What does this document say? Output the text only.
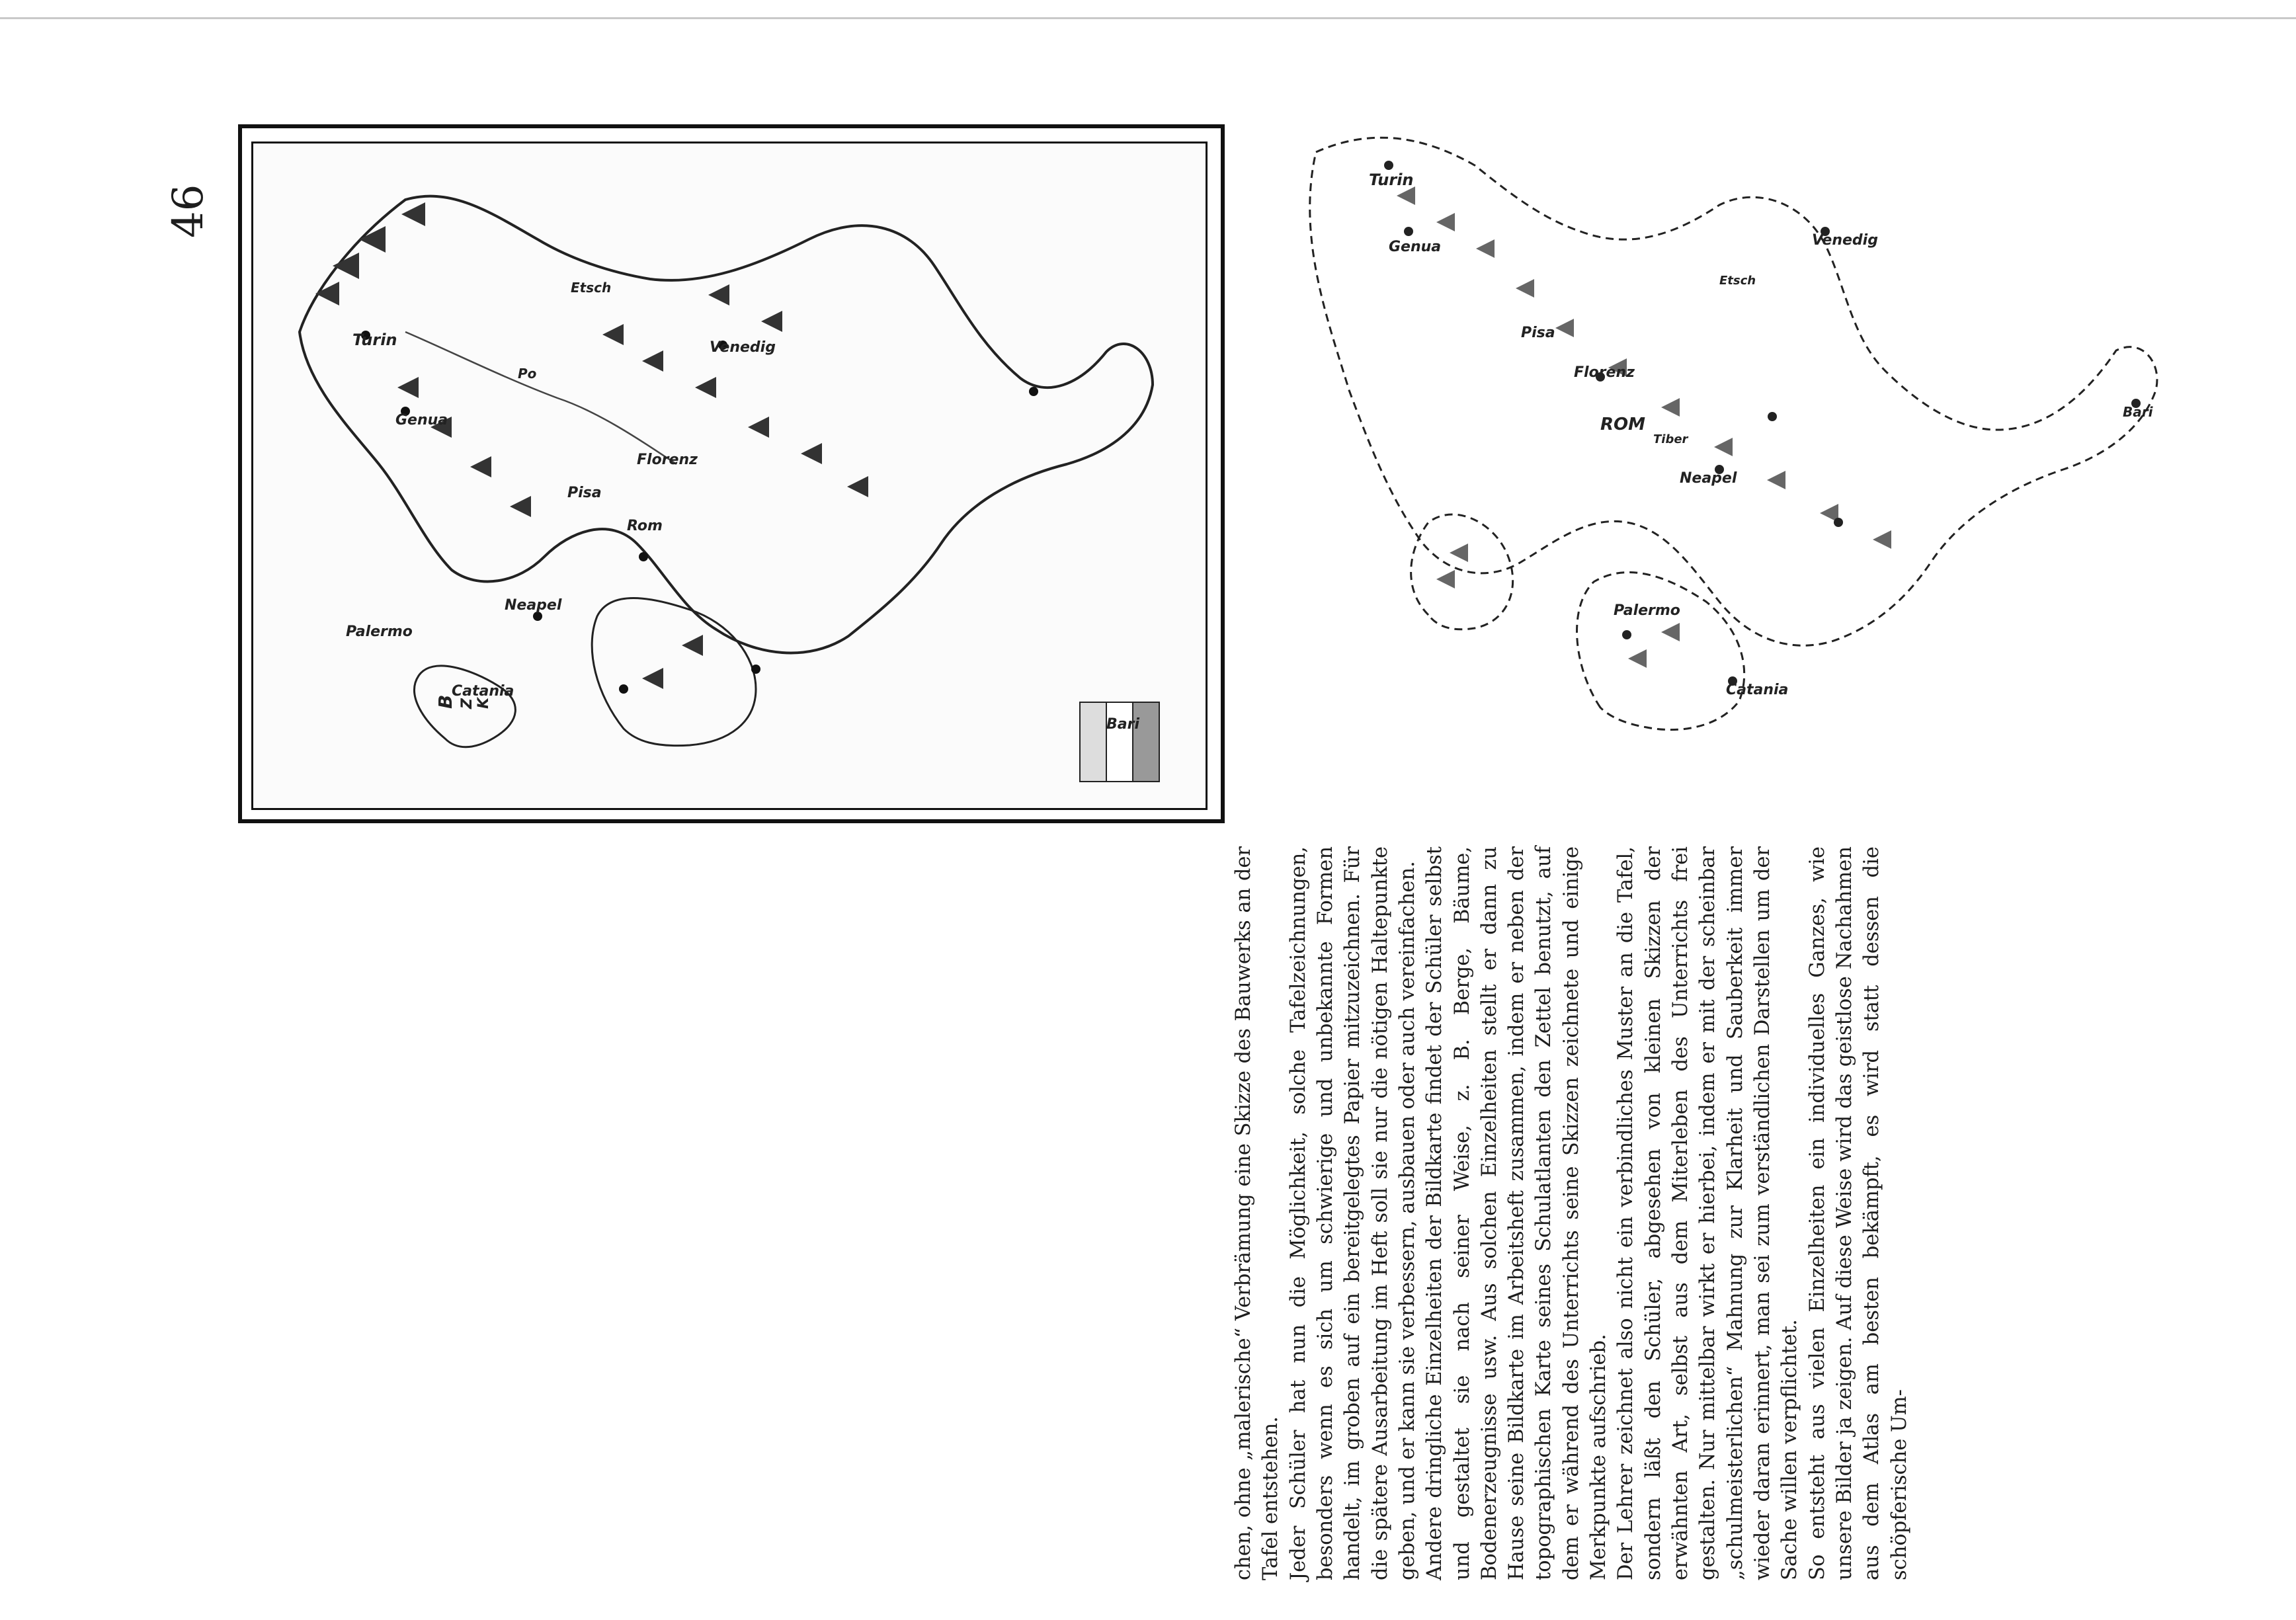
46
Turin
Genua
Venedig
Pisa
Florenz
Rom
Neapel
Palermo
Catania
Bari
Po
Etsch
B Z K
Turin
Genua	Venedig
Pisa
Florenz
ROM
Tiber
Neapel
Palermo
Catania
Bari
Etsch

chen, ohne „malerische“ Verbrämung eine Skizze des Bauwerks an der Tafel entstehen. Jeder Schüler hat nun die Möglichkeit, solche Tafelzeichnungen, besonders wenn es sich um schwierige und unbekannte Formen handelt, im groben auf ein bereitgelegtes Papier mitzuzeichnen. Für die spätere Ausarbeitung im Heft soll sie nur die nötigen Haltepunkte geben, und er kann sie verbessern, ausbauen oder auch vereinfachen. Andere dringliche Einzelheiten der Bildkarte findet der Schüler selbst und gestaltet sie nach seiner Weise, z. B. Berge, Bäume, Bodenerzeugnisse usw. Aus solchen Einzelheiten stellt er dann zu Hause seine Bildkarte im Arbeitsheft zusammen, indem er neben der topographischen Karte seines Schulatlanten den Zettel benutzt, auf dem er während des Unterrichts seine Skizzen zeichnete und einige Merkpunkte aufschrieb. Der Lehrer zeichnet also nicht ein verbindliches Muster an die Tafel, sondern läßt den Schüler, abgesehen von kleinen Skizzen der erwähnten Art, selbst aus dem Miterleben des Unterrichts frei gestalten. Nur mittelbar wirkt er hierbei, indem er mit der scheinbar „schulmeisterlichen“ Mahnung zur Klarheit und Sauberkeit immer wieder daran erinnert, man sei zum verständlichen Darstellen um der Sache willen verpflichtet. So entsteht aus vielen Einzelheiten ein individuelles Ganzes, wie unsere Bilder ja zeigen. Auf diese Weise wird das geistlose Nachahmen aus dem Atlas am besten bekämpft, es wird statt dessen die schöpferische Um-
